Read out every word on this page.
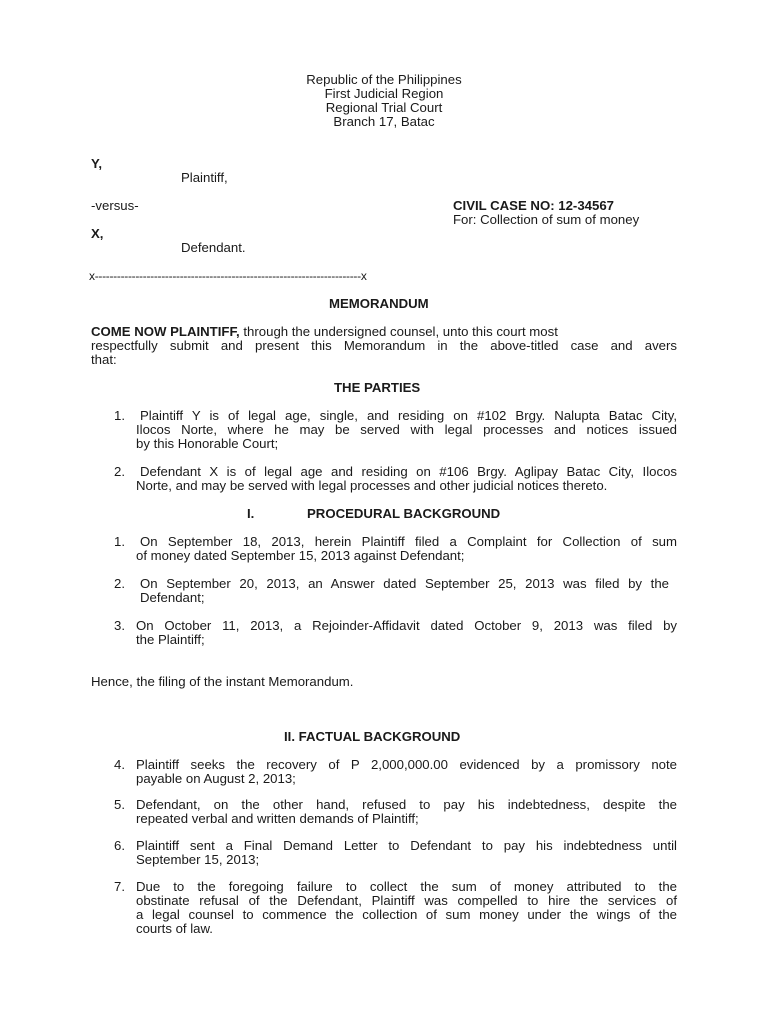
Republic of the Philippines
First Judicial Region
Regional Trial Court
Branch 17, Batac
Y,
Plaintiff,
-versus-	CIVIL CASE NO: 12-34567
For: Collection of sum of money
X,
Defendant.
x------------------------------------------------------------------------x
MEMORANDUM
COME NOW PLAINTIFF, through the undersigned counsel, unto this court most
respectfully submit and present this Memorandum in the above-titled case and avers
that:
THE PARTIES
1.	Plaintiff Y is of legal age, single, and residing on #102 Brgy. Nalupta Batac City,
Ilocos Norte, where he may be served with legal processes and notices issued
by this Honorable Court;
2.	Defendant X is of legal age and residing on #106 Brgy. Aglipay Batac City, Ilocos
Norte, and may be served with legal processes and other judicial notices thereto.
I.	PROCEDURAL BACKGROUND
1.	On September 18, 2013, herein Plaintiff filed a Complaint for Collection of sum
of money dated September 15, 2013 against Defendant;
2. On September 20, 2013, an Answer dated September 25, 2013 was filed by the
Defendant;
3. On October 11, 2013, a Rejoinder-Affidavit dated October 9, 2013 was filed by
the Plaintiff;
Hence, the filing of the instant Memorandum.
II. FACTUAL BACKGROUND
4. Plaintiff seeks the recovery of P 2,000,000.00 evidenced by a promissory note
payable on August 2, 2013;
5. Defendant, on the other hand, refused to pay his indebtedness, despite the
repeated verbal and written demands of Plaintiff;
6. Plaintiff sent a Final Demand Letter to Defendant to pay his indebtedness until
September 15, 2013;
7. Due to the foregoing failure to collect the sum of money attributed to the
obstinate refusal of the Defendant, Plaintiff was compelled to hire the services of
a legal counsel to commence the collection of sum money under the wings of the
courts of law.
